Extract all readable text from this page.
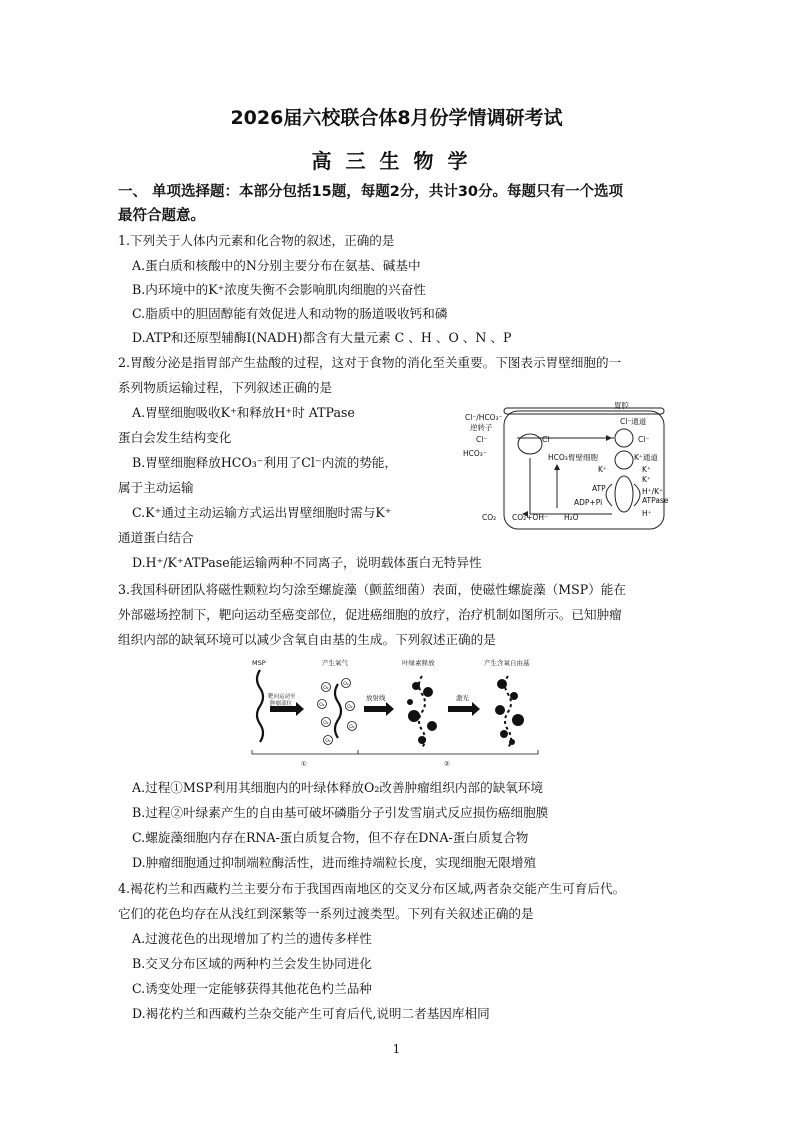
2026届六校联合体8月份学情调研考试
高三生物学
一、 单项选择题：本部分包括15题，每题2分，共计30分。每题只有一个选项
最符合题意。
1.下列关于人体内元素和化合物的叙述，正确的是
A.蛋白质和核酸中的N分别主要分布在氨基、碱基中
B.内环境中的K⁺浓度失衡不会影响肌肉细胞的兴奋性
C.脂质中的胆固醇能有效促进人和动物的肠道吸收钙和磷
D.ATP和还原型辅酶Ⅰ(NADH)都含有大量元素 C 、H 、O 、N 、P
2.胃酸分泌是指胃部产生盐酸的过程，这对于食物的消化至关重要。下图表示胃壁细胞的一
系列物质运输过程，下列叙述正确的是
A.胃壁细胞吸收K⁺和释放H⁺时 ATPase
蛋白会发生结构变化
B.胃壁细胞释放HCO₃⁻利用了Cl⁻内流的势能，
属于主动运输
C.K⁺通过主动运输方式运出胃壁细胞时需与K⁺
通道蛋白结合
D.H⁺/K⁺ATPase能运输两种不同离子，说明载体蛋白无特异性
胃腔
Cl⁻/HCO₃⁻
逆转子
Cl⁻
HCO₃⁻
Cl⁻
HCO₃⁻
胃壁细胞
Cl⁻通道
Cl⁻
K⁺通道
K⁺	K⁺
K⁺
ATP
ADP+Pi
H⁺/K⁺
ATPase
H⁺
CO₂ CO₂+OH⁻ H₂O
3.我国科研团队将磁性颗粒均匀涂至螺旋藻（颤蓝细菌）表面，使磁性螺旋藻（MSP）能在
外部磁场控制下，靶向运动至癌变部位，促进癌细胞的放疗，治疗机制如图所示。已知肿瘤
组织内部的缺氧环境可以减少含氧自由基的生成。下列叙述正确的是
O₂
O₂
O₂	O₂
O₂
O₂
O₂
MSP	产生氧气
靶向运动至
肿瘤部位
放射线
叶绿素释放
激光
产生含氧自由基
①	②
A.过程①MSP利用其细胞内的叶绿体释放O₂改善肿瘤组织内部的缺氧环境
B.过程②叶绿素产生的自由基可破坏磷脂分子引发雪崩式反应损伤癌细胞膜
C.螺旋藻细胞内存在RNA-蛋白质复合物，但不存在DNA-蛋白质复合物
D.肿瘤细胞通过抑制端粒酶活性，进而维持端粒长度，实现细胞无限增殖
4.褐花杓兰和西藏杓兰主要分布于我国西南地区的交叉分布区域,两者杂交能产生可育后代。
它们的花色均存在从浅红到深紫等一系列过渡类型。下列有关叙述正确的是
A.过渡花色的出现增加了杓兰的遗传多样性
B.交叉分布区域的两种杓兰会发生协同进化
C.诱变处理一定能够获得其他花色杓兰品种
D.褐花杓兰和西藏杓兰杂交能产生可育后代,说明二者基因库相同
1
